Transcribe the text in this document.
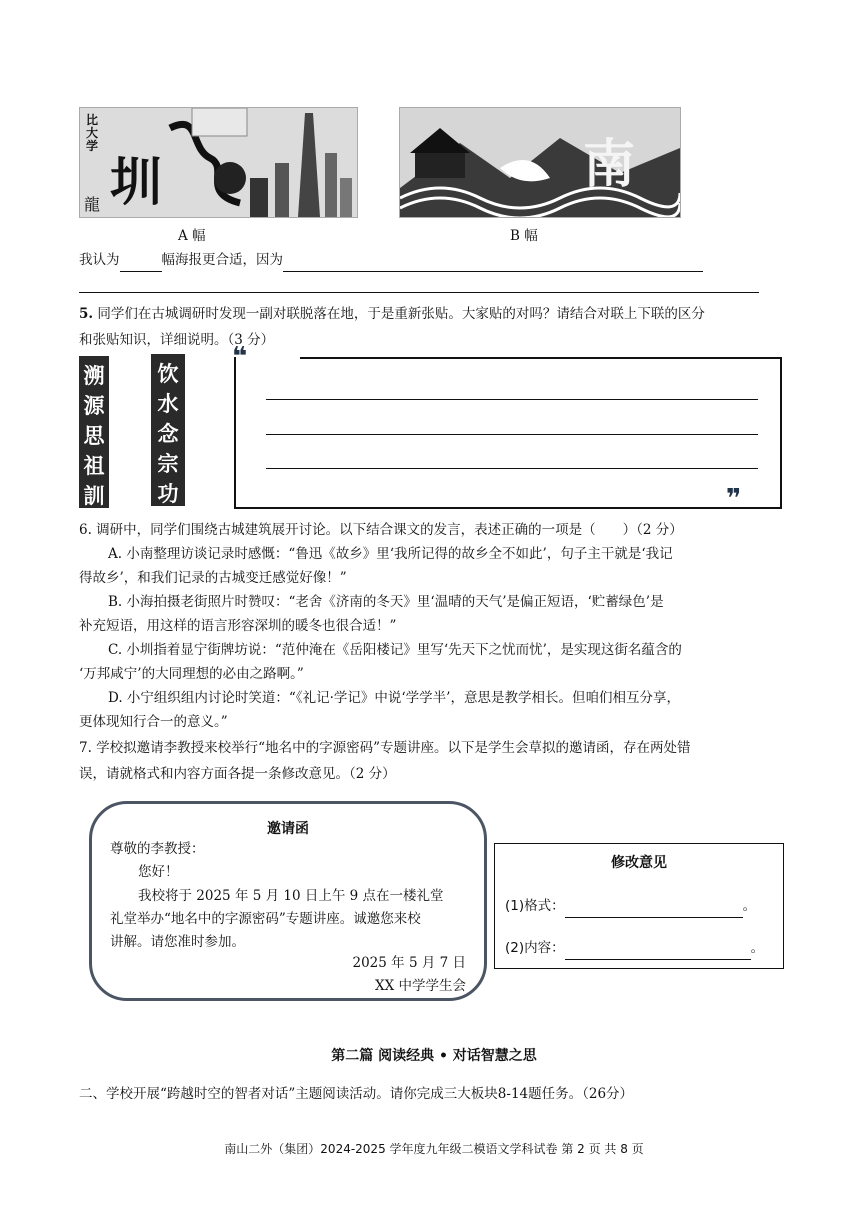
圳
比大学
龍
A 幅
南
B 幅
我认为	幅海报更合适，因为
5. 同学们在古城调研时发现一副对联脱落在地，于是重新张贴。大家贴的对吗？请结合对联上下联的区分
和张贴知识，详细说明。（3 分）
溯
源
思
祖
訓
饮
水
念
宗
功
❝
❞
6. 调研中，同学们围绕古城建筑展开讨论。以下结合课文的发言，表述正确的一项是（　　）（2 分）
A. 小南整理访谈记录时感慨：“鲁迅《故乡》里‘我所记得的故乡全不如此’，句子主干就是‘我记
得故乡’，和我们记录的古城变迁感觉好像！”
B. 小海拍摄老街照片时赞叹：“老舍《济南的冬天》里‘温晴的天气’是偏正短语，‘贮蓄绿色’是
补充短语，用这样的语言形容深圳的暖冬也很合适！”
C. 小圳指着显宁街牌坊说：“范仲淹在《岳阳楼记》里写‘先天下之忧而忧’，是实现这街名蕴含的
‘万邦咸宁’的大同理想的必由之路啊。”
D. 小宁组织组内讨论时笑道：“《礼记·学记》中说‘学学半’，意思是教学相长。但咱们相互分享，
更体现知行合一的意义。”
7. 学校拟邀请李教授来校举行“地名中的字源密码”专题讲座。以下是学生会草拟的邀请函，存在两处错
误，请就格式和内容方面各提一条修改意见。（2 分）
邀请函
尊敬的李教授：
您好！
我校将于 2025 年 5 月 10 日上午 9 点在一楼礼堂
礼堂举办“地名中的字源密码”专题讲座。诚邀您来校
讲解。请您准时参加。
2025 年 5 月 7 日
XX 中学学生会
修改意见
(1)格式：	。
(2)内容：	。
第二篇 阅读经典 • 对话智慧之思
二、学校开展“跨越时空的智者对话”主题阅读活动。请你完成三大板块8-14题任务。（26分）
南山二外（集团）2024-2025 学年度九年级二模语文学科试卷 第 2 页 共 8 页
